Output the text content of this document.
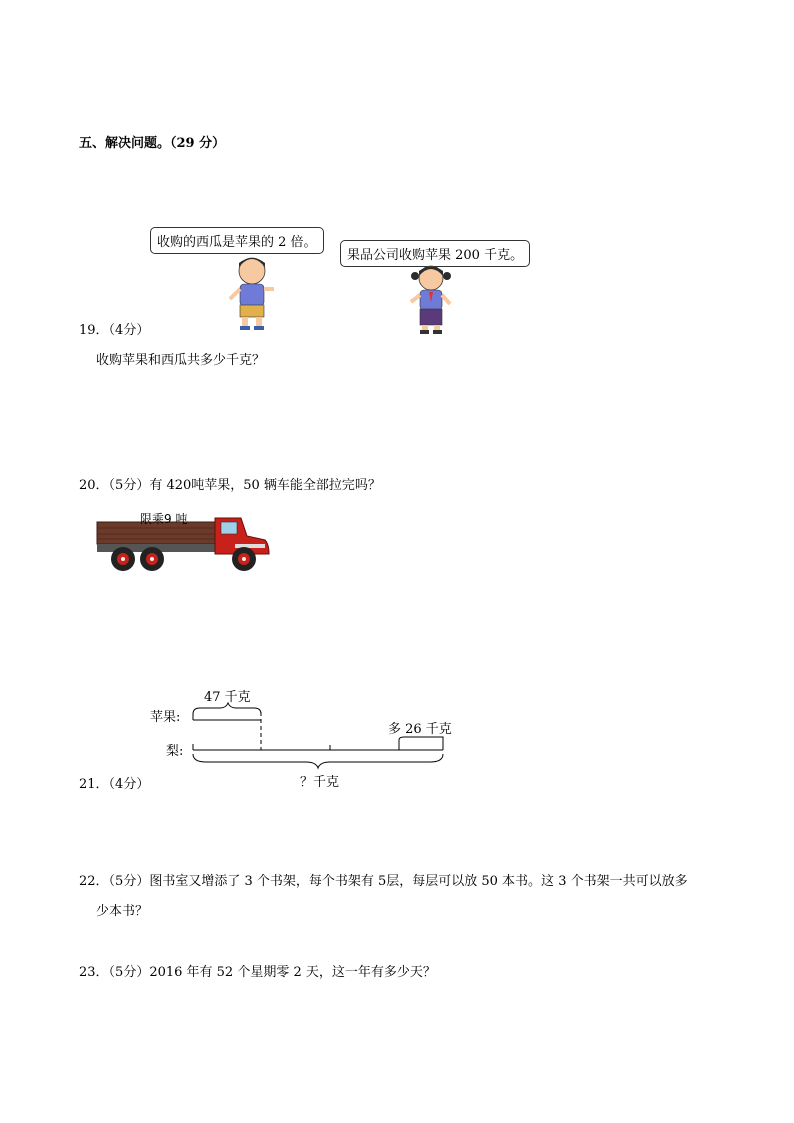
五、解决问题。（29 分）
收购的西瓜是苹果的 2 倍。
果品公司收购苹果 200 千克。
19．（4分）
收购苹果和西瓜共多少千克？
20．（5分）有 420吨苹果，50 辆车能全部拉完吗？
限乘9 吨
47 千克
苹果:
梨:
多 26 千克
？千克
21．（4分）
22．（5分）图书室又增添了 3 个书架，每个书架有 5层，每层可以放 50 本书。这 3 个书架一共可以放多
少本书？
23．（5分）2016 年有 52 个星期零 2 天，这一年有多少天？
